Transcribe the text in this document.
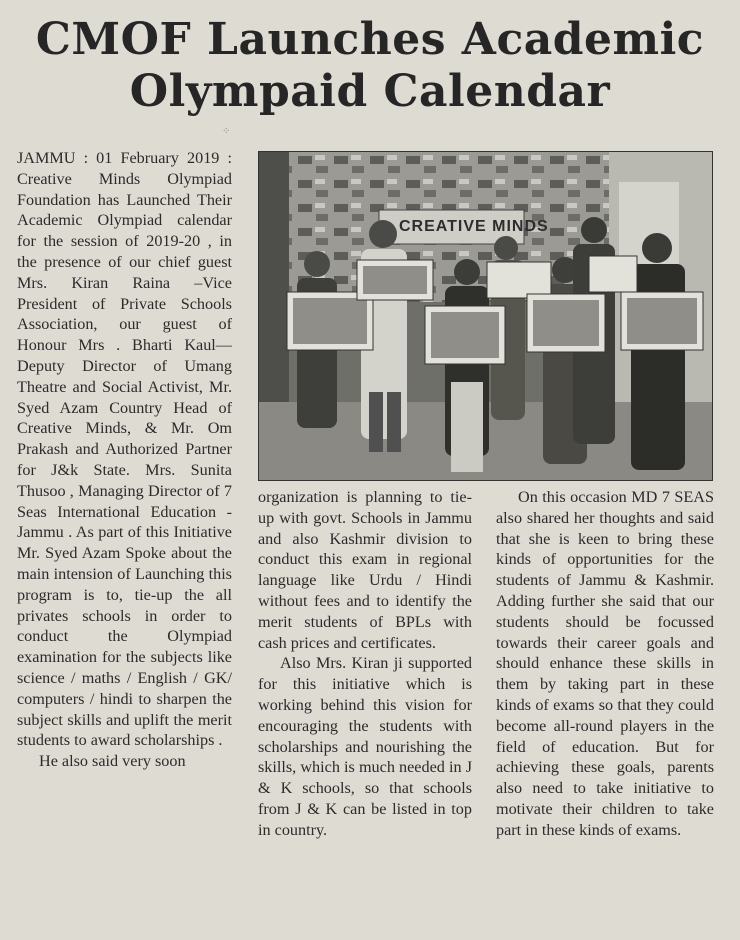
CMOF Launches Academic
Olympaid Calendar
⁘

JAMMU : 01 February 2019 : Creative Minds Olympiad Foundation has Launched Their Academic Olympiad calendar for the session of 2019-20 , in the presence of our chief guest Mrs. Kiran Raina –Vice President of Private Schools Association, our guest of Honour Mrs . Bharti Kaul—Deputy Director of Umang Theatre and Social Activist, Mr. Syed Azam Country Head of Creative Minds, & Mr. Om Prakash and Authorized Partner for J&k State. Mrs. Sunita Thusoo , Managing Director of 7 Seas International Education - Jammu . As part of this Initiative Mr. Syed Azam Spoke about the main intension of Launching this program is to, tie-up the all privates schools in order to conduct the Olympiad examination for the subjects like science / maths / English / GK/ computers / hindi to sharpen the subject skills and uplift the merit students to award scholarships .

He also said very soon

CREATIVE MINDS

organization is planning to tie-up with govt. Schools in Jammu and also Kashmir division to conduct this exam in regional language like Urdu / Hindi without fees and to identify the merit students of BPLs with cash prices and certificates.

Also Mrs. Kiran ji supported for this initiative which is working behind this vision for encouraging the students with scholarships and nourishing the skills, which is much needed in J & K schools, so that schools from J & K can be listed in top in country.

On this occasion MD 7 SEAS also shared her thoughts and said that she is keen to bring these kinds of opportunities for the students of Jammu & Kashmir. Adding further she said that our students should be focussed towards their career goals and should enhance these skills in them by taking part in these kinds of exams so that they could become all-round players in the field of education. But for achieving these goals, parents also need to take initiative to motivate their children to take part in these kinds of exams.
